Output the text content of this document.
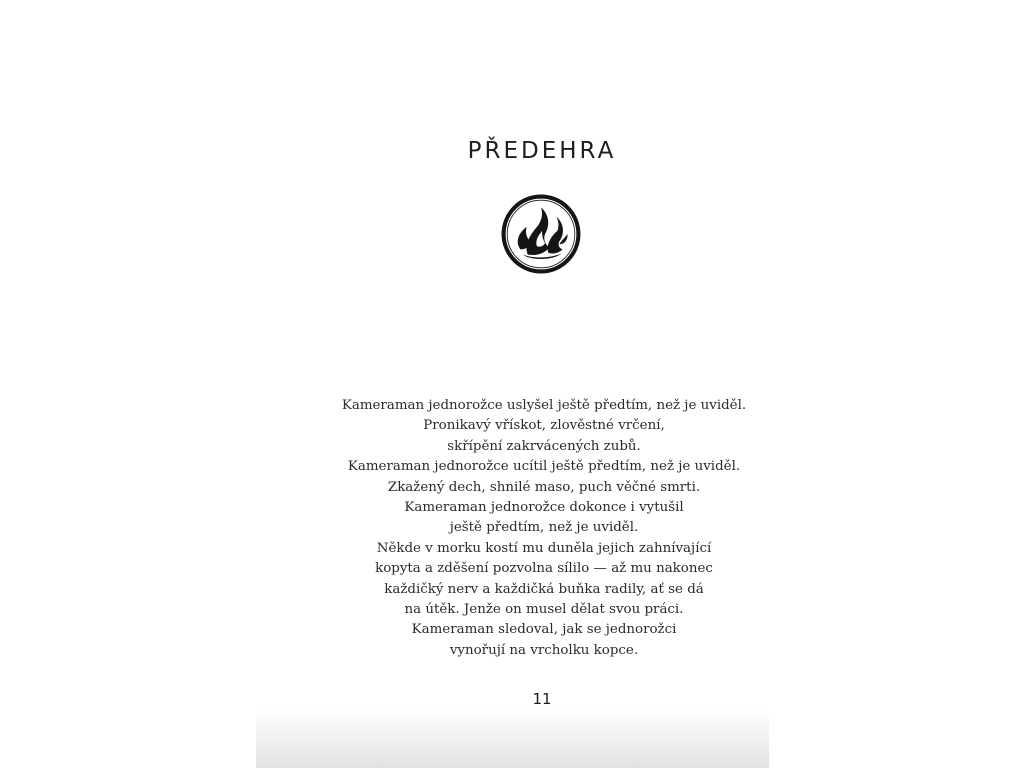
PŘEDEHRA
Kameraman jednorožce uslyšel ještě předtím, než je uviděl.
Pronikavý vřískot, zlověstné vrčení,
skřípění zakrvácených zubů.
Kameraman jednorožce ucítil ještě předtím, než je uviděl.
Zkažený dech, shnilé maso, puch věčné smrti.
Kameraman jednorožce dokonce i vytušil
ještě předtím, než je uviděl.
Někde v morku kostí mu duněla jejich zahnívající
kopyta a zděšení pozvolna sílilo — až mu nakonec
každičký nerv a každičká buňka radily, ať se dá
na útěk. Jenže on musel dělat svou práci.
Kameraman sledoval, jak se jednorožci
vynořují na vrcholku kopce.
11
